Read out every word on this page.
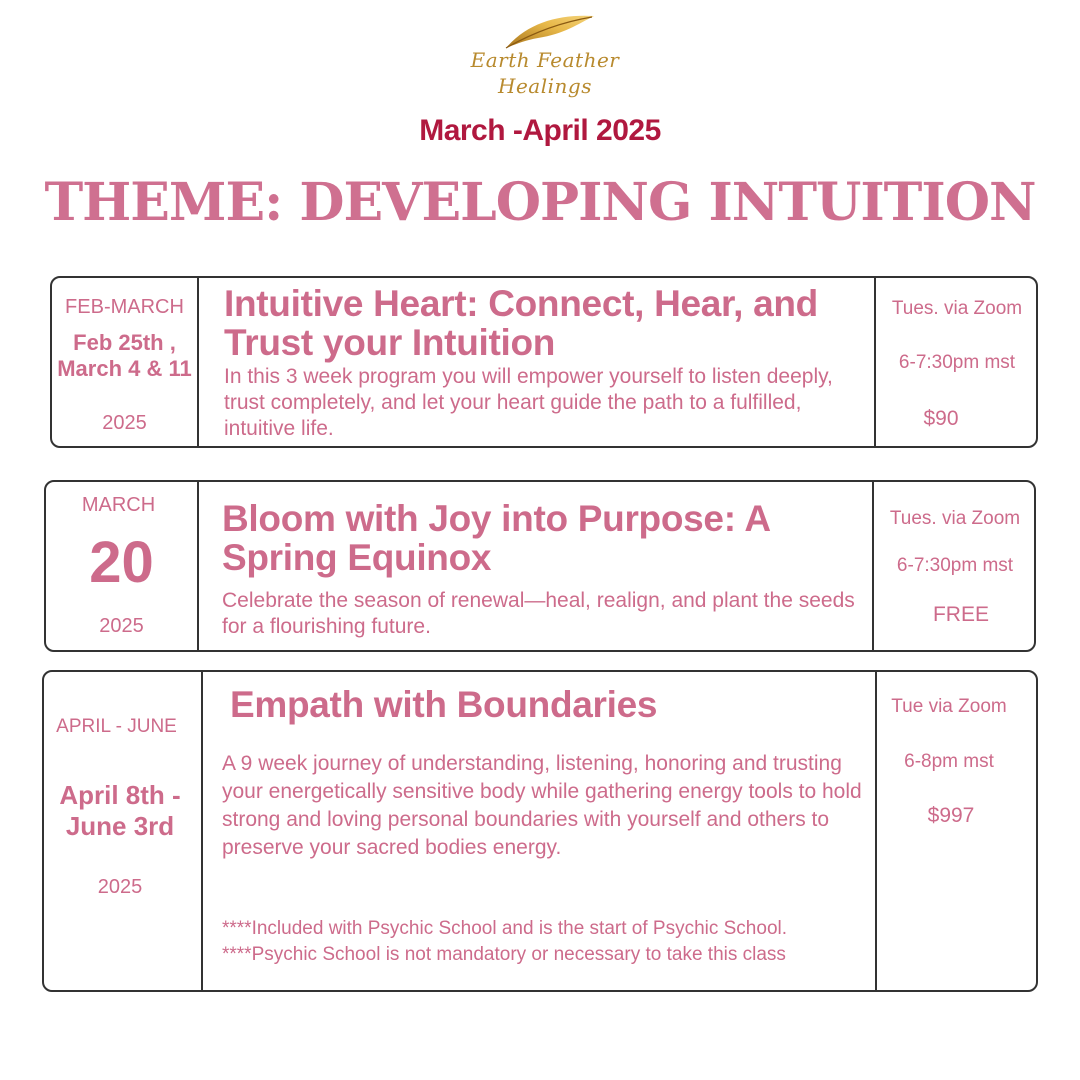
Earth Feather
Healings
March -April 2025
THEME: DEVELOPING INTUITION
FEB-MARCH
Feb 25th , March 4 & 11
2025
Intuitive Heart: Connect, Hear, and Trust your Intuition
In this 3 week program you will empower yourself to listen deeply, trust completely, and let your heart guide the path to a fulfilled, intuitive life.
Tues. via Zoom
6-7:30pm mst
$90
MARCH
20
2025
Bloom with Joy into Purpose: A Spring Equinox
Celebrate the season of renewal—heal, realign, and plant the seeds for a flourishing future.
Tues. via Zoom
6-7:30pm mst
FREE
APRIL - JUNE
April 8th - June 3rd
2025
Empath with Boundaries
A 9 week journey of understanding, listening, honoring and trusting your energetically sensitive body while gathering energy tools to hold strong and loving personal boundaries with yourself and others to preserve your sacred bodies energy.
****Included with Psychic School and is the start of Psychic School.
****Psychic School is not mandatory or necessary to take this class
Tue via Zoom
6-8pm mst
$997
